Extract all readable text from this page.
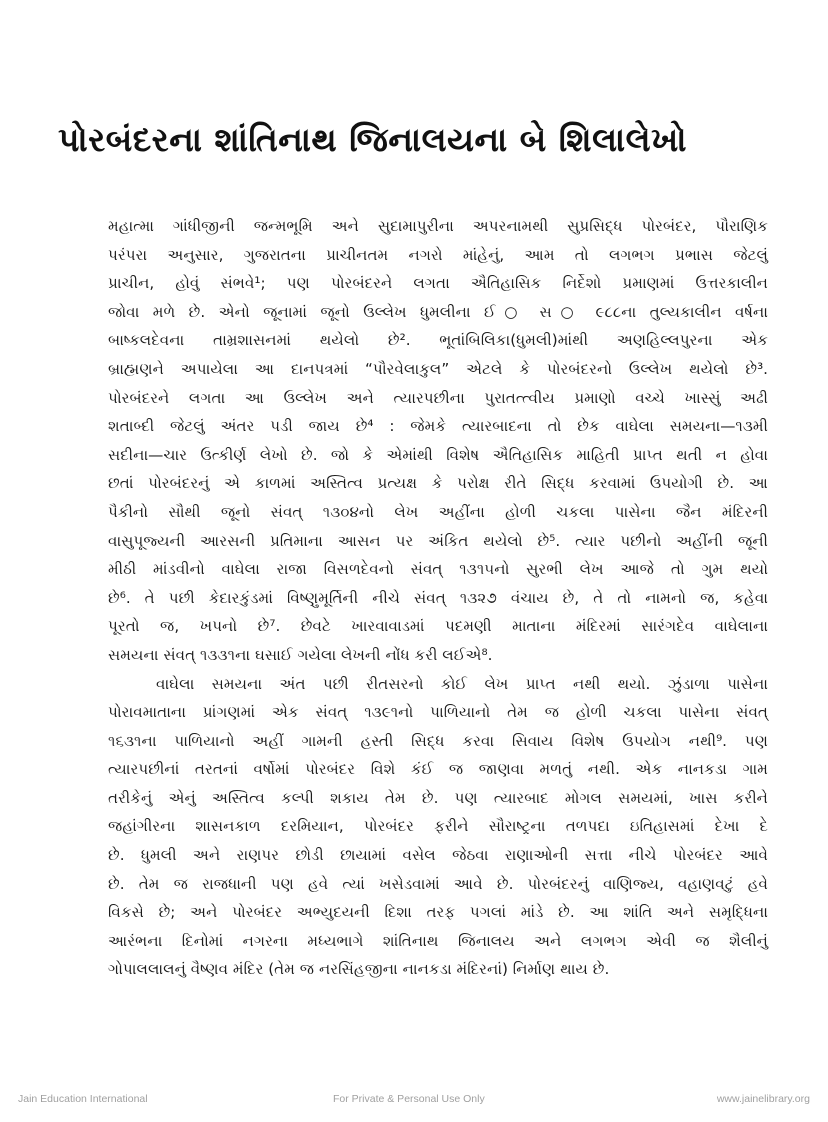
પોરબંદરના શાંતિનાથ જિનાલયના બે શિલાલેખો
મહાત્મા ગાંધીજીની જન્મભૂમિ અને સુદામાપુરીના અપરનામથી સુપ્રસિદ્ધ પોરબંદર, પૌરાણિક
પરંપરા અનુસાર, ગુજરાતના પ્રાચીનતમ નગરો માંહેનું, આમ તો લગભગ પ્રભાસ જેટલું
પ્રાચીન, હોવું સંભવે¹; પણ પોરબંદરને લગતા ઐતિહાસિક નિર્દેશો પ્રમાણમાં ઉત્તરકાલીન
જોવા મળે છે. એનો જૂનામાં જૂનો ઉલ્લેખ ધુમલીના ઈ○ સ○ ૯૮૮ના તુલ્યકાલીન વર્ષના
બાષ્કલદેવના તામ્રશાસનમાં થયેલો છે². ભૂતાંબિલિકા(ધુમલી)માંથી અણહિલ્લપુરના એક
બ્રાહ્મણને અપાયેલા આ દાનપત્રમાં “પૌરવેલાકુલ” એટલે કે પોરબંદરનો ઉલ્લેખ થયેલો છે³.
પોરબંદરને લગતા આ ઉલ્લેખ અને ત્યારપછીના પુરાતત્ત્વીય પ્રમાણો વચ્ચે ખાસ્સું અઢી
શતાબ્દી જેટલું અંતર પડી જાય છે⁴ : જેમકે ત્યારબાદના તો છેક વાઘેલા સમયના—૧૩મી
સદીના—ચાર ઉત્કીર્ણ લેખો છે. જો કે એમાંથી વિશેષ ઐતિહાસિક માહિતી પ્રાપ્ત થતી ન હોવા
છતાં પોરબંદરનું એ કાળમાં અસ્તિત્વ પ્રત્યક્ષ કે પરોક્ષ રીતે સિદ્ધ કરવામાં ઉપયોગી છે. આ
પૈકીનો સૌથી જૂનો સંવત્ ૧૩૦૪નો લેખ અહીંના હોળી ચકલા પાસેના જૈન મંદિરની
વાસુપૂજ્યની આરસની પ્રતિમાના આસન પર અંકિત થયેલો છે⁵. ત્યાર પછીનો અહીંની જૂની
મીઠી માંડવીનો વાઘેલા રાજા વિસળદેવનો સંવત્ ૧૩૧૫નો સુરભી લેખ આજે તો ગુમ થયો
છે⁶. તે પછી કેદારકુંડમાં વિષ્ણુમૂર્તિની નીચે સંવત્ ૧૩૨૭ વંચાય છે, તે તો નામનો જ, કહેવા
પૂરતો જ, ખપનો છે⁷. છેવટે ખારવાવાડમાં પદમણી માતાના મંદિરમાં સારંગદેવ વાઘેલાના
સમયના સંવત્ ૧૩૩૧ના ઘસાઈ ગયેલા લેખની નોંધ કરી લઈએ⁸.
વાઘેલા સમયના અંત પછી રીતસરનો કોઈ લેખ પ્રાપ્ત નથી થયો. ઝુંડાળા પાસેના
પોરાવમાતાના પ્રાંગણમાં એક સંવત્ ૧૩૯૧નો પાળિયાનો તેમ જ હોળી ચકલા પાસેના સંવત્
૧૬૩૧ના પાળિયાનો અહીં ગામની હસ્તી સિદ્ધ કરવા સિવાય વિશેષ ઉપયોગ નથી⁹. પણ
ત્યારપછીનાં તરતનાં વર્ષોમાં પોરબંદર વિશે કંઈ જ જાણવા મળતું નથી. એક નાનકડા ગામ
તરીકેનું એનું અસ્તિત્વ કલ્પી શકાય તેમ છે. પણ ત્યારબાદ મોગલ સમયમાં, ખાસ કરીને
જહાંગીરના શાસનકાળ દરમિયાન, પોરબંદર ફરીને સૌરાષ્ટ્રના તળપદા ઇતિહાસમાં દેખા દે
છે. ધુમલી અને રાણપર છોડી છાયામાં વસેલ જેઠવા રાણાઓની સત્તા નીચે પોરબંદર આવે
છે. તેમ જ રાજધાની પણ હવે ત્યાં ખસેડવામાં આવે છે. પોરબંદરનું વાણિજ્ય, વહાણવટું હવે
વિકસે છે; અને પોરબંદર અભ્યુદયની દિશા તરફ પગલાં માંડે છે. આ શાંતિ અને સમૃદ્ધિના
આરંભના દિનોમાં નગરના મધ્યભાગે શાંતિનાથ જિનાલય અને લગભગ એવી જ શૈલીનું
ગોપાલલાલનું વૈષ્ણવ મંદિર (તેમ જ નરસિંહજીના નાનકડા મંદિરનાં) નિર્માણ થાય છે.
Jain Education International	For Private & Personal Use Only	www.jainelibrary.org
